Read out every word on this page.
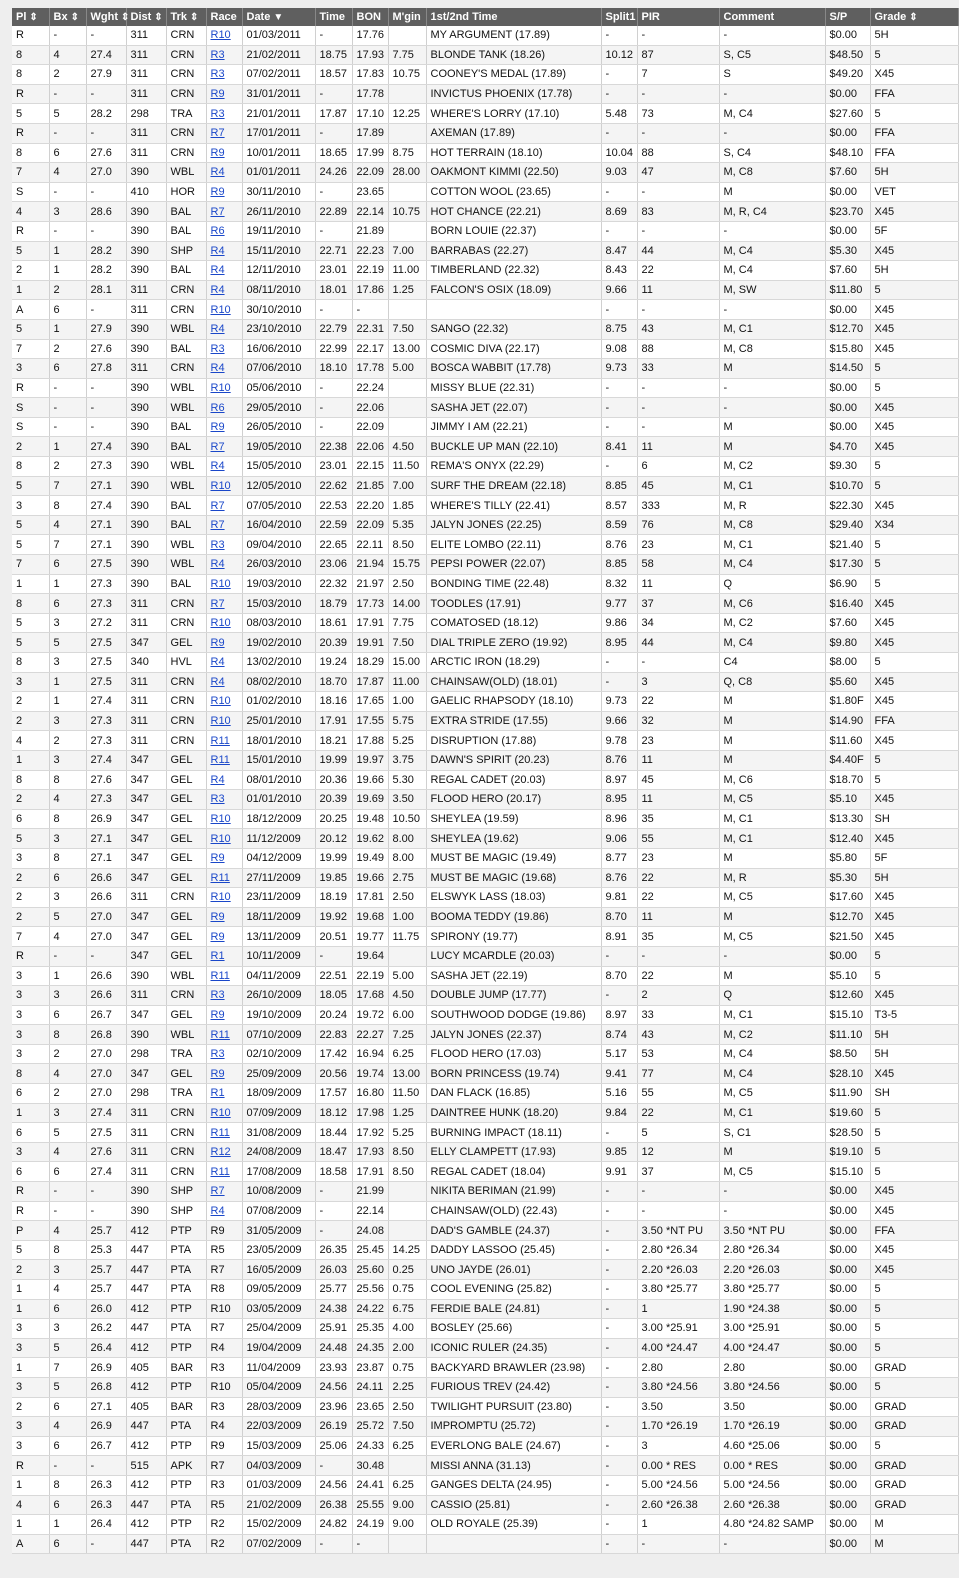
Pl ⇕	Bx ⇕	Wght ⇕	Dist ⇕	Trk ⇕	Race	Date ▼	Time	BON	M'gin	1st/2nd Time	Split1	PIR	Comment	S/P	Grade ⇕
R	-	-	311	CRN	R10	01/03/2011	-	17.76		MY ARGUMENT (17.89)	-	-	-	$0.00	5H
8	4	27.4	311	CRN	R3	21/02/2011	18.75	17.93	7.75	BLONDE TANK (18.26)	10.12	87	S, C5	$48.50	5
8	2	27.9	311	CRN	R3	07/02/2011	18.57	17.83	10.75	COONEY'S MEDAL (17.89)	-	7	S	$49.20	X45
R	-	-	311	CRN	R9	31/01/2011	-	17.78		INVICTUS PHOENIX (17.78)	-	-	-	$0.00	FFA
5	5	28.2	298	TRA	R3	21/01/2011	17.87	17.10	12.25	WHERE'S LORRY (17.10)	5.48	73	M, C4	$27.60	5
R	-	-	311	CRN	R7	17/01/2011	-	17.89		AXEMAN (17.89)	-	-	-	$0.00	FFA
8	6	27.6	311	CRN	R9	10/01/2011	18.65	17.99	8.75	HOT TERRAIN (18.10)	10.04	88	S, C4	$48.10	FFA
7	4	27.0	390	WBL	R4	01/01/2011	24.26	22.09	28.00	OAKMONT KIMMI (22.50)	9.03	47	M, C8	$7.60	5H
S	-	-	410	HOR	R9	30/11/2010	-	23.65		COTTON WOOL (23.65)	-	-	M	$0.00	VET
4	3	28.6	390	BAL	R7	26/11/2010	22.89	22.14	10.75	HOT CHANCE (22.21)	8.69	83	M, R, C4	$23.70	X45
R	-	-	390	BAL	R6	19/11/2010	-	21.89		BORN LOUIE (22.37)	-	-	-	$0.00	5F
5	1	28.2	390	SHP	R4	15/11/2010	22.71	22.23	7.00	BARRABAS (22.27)	8.47	44	M, C4	$5.30	X45
2	1	28.2	390	BAL	R4	12/11/2010	23.01	22.19	11.00	TIMBERLAND (22.32)	8.43	22	M, C4	$7.60	5H
1	2	28.1	311	CRN	R4	08/11/2010	18.01	17.86	1.25	FALCON'S OSIX (18.09)	9.66	11	M, SW	$11.80	5
A	6	-	311	CRN	R10	30/10/2010	-	-			-	-	-	$0.00	X45
5	1	27.9	390	WBL	R4	23/10/2010	22.79	22.31	7.50	SANGO (22.32)	8.75	43	M, C1	$12.70	X45
7	2	27.6	390	BAL	R3	16/06/2010	22.99	22.17	13.00	COSMIC DIVA (22.17)	9.08	88	M, C8	$15.80	X45
3	6	27.8	311	CRN	R4	07/06/2010	18.10	17.78	5.00	BOSCA WABBIT (17.78)	9.73	33	M	$14.50	5
R	-	-	390	WBL	R10	05/06/2010	-	22.24		MISSY BLUE (22.31)	-	-	-	$0.00	5
S	-	-	390	WBL	R6	29/05/2010	-	22.06		SASHA JET (22.07)	-	-	-	$0.00	X45
S	-	-	390	BAL	R9	26/05/2010	-	22.09		JIMMY I AM (22.21)	-	-	M	$0.00	X45
2	1	27.4	390	BAL	R7	19/05/2010	22.38	22.06	4.50	BUCKLE UP MAN (22.10)	8.41	11	M	$4.70	X45
8	2	27.3	390	WBL	R4	15/05/2010	23.01	22.15	11.50	REMA'S ONYX (22.29)	-	6	M, C2	$9.30	5
5	7	27.1	390	WBL	R10	12/05/2010	22.62	21.85	7.00	SURF THE DREAM (22.18)	8.85	45	M, C1	$10.70	5
3	8	27.4	390	BAL	R7	07/05/2010	22.53	22.20	1.85	WHERE'S TILLY (22.41)	8.57	333	M, R	$22.30	X45
5	4	27.1	390	BAL	R7	16/04/2010	22.59	22.09	5.35	JALYN JONES (22.25)	8.59	76	M, C8	$29.40	X34
5	7	27.1	390	WBL	R3	09/04/2010	22.65	22.11	8.50	ELITE LOMBO (22.11)	8.76	23	M, C1	$21.40	5
7	6	27.5	390	WBL	R4	26/03/2010	23.06	21.94	15.75	PEPSI POWER (22.07)	8.85	58	M, C4	$17.30	5
1	1	27.3	390	BAL	R10	19/03/2010	22.32	21.97	2.50	BONDING TIME (22.48)	8.32	11	Q	$6.90	5
8	6	27.3	311	CRN	R7	15/03/2010	18.79	17.73	14.00	TOODLES (17.91)	9.77	37	M, C6	$16.40	X45
5	3	27.2	311	CRN	R10	08/03/2010	18.61	17.91	7.75	COMATOSED (18.12)	9.86	34	M, C2	$7.60	X45
5	5	27.5	347	GEL	R9	19/02/2010	20.39	19.91	7.50	DIAL TRIPLE ZERO (19.92)	8.95	44	M, C4	$9.80	X45
8	3	27.5	340	HVL	R4	13/02/2010	19.24	18.29	15.00	ARCTIC IRON (18.29)	-	-	C4	$8.00	5
3	1	27.5	311	CRN	R4	08/02/2010	18.70	17.87	11.00	CHAINSAW(OLD) (18.01)	-	3	Q, C8	$5.60	X45
2	1	27.4	311	CRN	R10	01/02/2010	18.16	17.65	1.00	GAELIC RHAPSODY (18.10)	9.73	22	M	$1.80F	X45
2	3	27.3	311	CRN	R10	25/01/2010	17.91	17.55	5.75	EXTRA STRIDE (17.55)	9.66	32	M	$14.90	FFA
4	2	27.3	311	CRN	R11	18/01/2010	18.21	17.88	5.25	DISRUPTION (17.88)	9.78	23	M	$11.60	X45
1	3	27.4	347	GEL	R11	15/01/2010	19.99	19.97	3.75	DAWN'S SPIRIT (20.23)	8.76	11	M	$4.40F	5
8	8	27.6	347	GEL	R4	08/01/2010	20.36	19.66	5.30	REGAL CADET (20.03)	8.97	45	M, C6	$18.70	5
2	4	27.3	347	GEL	R3	01/01/2010	20.39	19.69	3.50	FLOOD HERO (20.17)	8.95	11	M, C5	$5.10	X45
6	8	26.9	347	GEL	R10	18/12/2009	20.25	19.48	10.50	SHEYLEA (19.59)	8.96	35	M, C1	$13.30	SH
5	3	27.1	347	GEL	R10	11/12/2009	20.12	19.62	8.00	SHEYLEA (19.62)	9.06	55	M, C1	$12.40	X45
3	8	27.1	347	GEL	R9	04/12/2009	19.99	19.49	8.00	MUST BE MAGIC (19.49)	8.77	23	M	$5.80	5F
2	6	26.6	347	GEL	R11	27/11/2009	19.85	19.66	2.75	MUST BE MAGIC (19.68)	8.76	22	M, R	$5.30	5H
2	3	26.6	311	CRN	R10	23/11/2009	18.19	17.81	2.50	ELSWYK LASS (18.03)	9.81	22	M, C5	$17.60	X45
2	5	27.0	347	GEL	R9	18/11/2009	19.92	19.68	1.00	BOOMA TEDDY (19.86)	8.70	11	M	$12.70	X45
7	4	27.0	347	GEL	R9	13/11/2009	20.51	19.77	11.75	SPIRONY (19.77)	8.91	35	M, C5	$21.50	X45
R	-	-	347	GEL	R1	10/11/2009	-	19.64		LUCY MCARDLE (20.03)	-	-	-	$0.00	5
3	1	26.6	390	WBL	R11	04/11/2009	22.51	22.19	5.00	SASHA JET (22.19)	8.70	22	M	$5.10	5
3	3	26.6	311	CRN	R3	26/10/2009	18.05	17.68	4.50	DOUBLE JUMP (17.77)	-	2	Q	$12.60	X45
3	6	26.7	347	GEL	R9	19/10/2009	20.24	19.72	6.00	SOUTHWOOD DODGE (19.86)	8.97	33	M, C1	$15.10	T3-5
3	8	26.8	390	WBL	R11	07/10/2009	22.83	22.27	7.25	JALYN JONES (22.37)	8.74	43	M, C2	$11.10	5H
3	2	27.0	298	TRA	R3	02/10/2009	17.42	16.94	6.25	FLOOD HERO (17.03)	5.17	53	M, C4	$8.50	5H
8	4	27.0	347	GEL	R9	25/09/2009	20.56	19.74	13.00	BORN PRINCESS (19.74)	9.41	77	M, C4	$28.10	X45
6	2	27.0	298	TRA	R1	18/09/2009	17.57	16.80	11.50	DAN FLACK (16.85)	5.16	55	M, C5	$11.90	SH
1	3	27.4	311	CRN	R10	07/09/2009	18.12	17.98	1.25	DAINTREE HUNK (18.20)	9.84	22	M, C1	$19.60	5
6	5	27.5	311	CRN	R11	31/08/2009	18.44	17.92	5.25	BURNING IMPACT (18.11)	-	5	S, C1	$28.50	5
3	4	27.6	311	CRN	R12	24/08/2009	18.47	17.93	8.50	ELLY CLAMPETT (17.93)	9.85	12	M	$19.10	5
6	6	27.4	311	CRN	R11	17/08/2009	18.58	17.91	8.50	REGAL CADET (18.04)	9.91	37	M, C5	$15.10	5
R	-	-	390	SHP	R7	10/08/2009	-	21.99		NIKITA BERIMAN (21.99)	-	-	-	$0.00	X45
R	-	-	390	SHP	R4	07/08/2009	-	22.14		CHAINSAW(OLD) (22.43)	-	-	-	$0.00	X45
P	4	25.7	412	PTP	R9	31/05/2009	-	24.08		DAD'S GAMBLE (24.37)	-	3.50 *NT PU	3.50 *NT PU	$0.00	FFA
5	8	25.3	447	PTA	R5	23/05/2009	26.35	25.45	14.25	DADDY LASSOO (25.45)	-	2.80 *26.34	2.80 *26.34	$0.00	X45
2	3	25.7	447	PTA	R7	16/05/2009	26.03	25.60	0.25	UNO JAYDE (26.01)	-	2.20 *26.03	2.20 *26.03	$0.00	X45
1	4	25.7	447	PTA	R8	09/05/2009	25.77	25.56	0.75	COOL EVENING (25.82)	-	3.80 *25.77	3.80 *25.77	$0.00	5
1	6	26.0	412	PTP	R10	03/05/2009	24.38	24.22	6.75	FERDIE BALE (24.81)	-	1	1.90 *24.38	$0.00	5
3	3	26.2	447	PTA	R7	25/04/2009	25.91	25.35	4.00	BOSLEY (25.66)	-	3.00 *25.91	3.00 *25.91	$0.00	5
3	5	26.4	412	PTP	R4	19/04/2009	24.48	24.35	2.00	ICONIC RULER (24.35)	-	4.00 *24.47	4.00 *24.47	$0.00	5
1	7	26.9	405	BAR	R3	11/04/2009	23.93	23.87	0.75	BACKYARD BRAWLER (23.98)	-	2.80	2.80	$0.00	GRAD
3	5	26.8	412	PTP	R10	05/04/2009	24.56	24.11	2.25	FURIOUS TREV (24.42)	-	3.80 *24.56	3.80 *24.56	$0.00	5
2	6	27.1	405	BAR	R3	28/03/2009	23.96	23.65	2.50	TWILIGHT PURSUIT (23.80)	-	3.50	3.50	$0.00	GRAD
3	4	26.9	447	PTA	R4	22/03/2009	26.19	25.72	7.50	IMPROMPTU (25.72)	-	1.70 *26.19	1.70 *26.19	$0.00	GRAD
3	6	26.7	412	PTP	R9	15/03/2009	25.06	24.33	6.25	EVERLONG BALE (24.67)	-	3	4.60 *25.06	$0.00	5
R	-	-	515	APK	R7	04/03/2009	-	30.48		MISSI ANNA (31.13)	-	0.00 * RES	0.00 * RES	$0.00	GRAD
1	8	26.3	412	PTP	R3	01/03/2009	24.56	24.41	6.25	GANGES DELTA (24.95)	-	5.00 *24.56	5.00 *24.56	$0.00	GRAD
4	6	26.3	447	PTA	R5	21/02/2009	26.38	25.55	9.00	CASSIO (25.81)	-	2.60 *26.38	2.60 *26.38	$0.00	GRAD
1	1	26.4	412	PTP	R2	15/02/2009	24.82	24.19	9.00	OLD ROYALE (25.39)	-	1	4.80 *24.82 SAMP	$0.00	M
A	6	-	447	PTA	R2	07/02/2009	-	-			-	-	-	$0.00	M
